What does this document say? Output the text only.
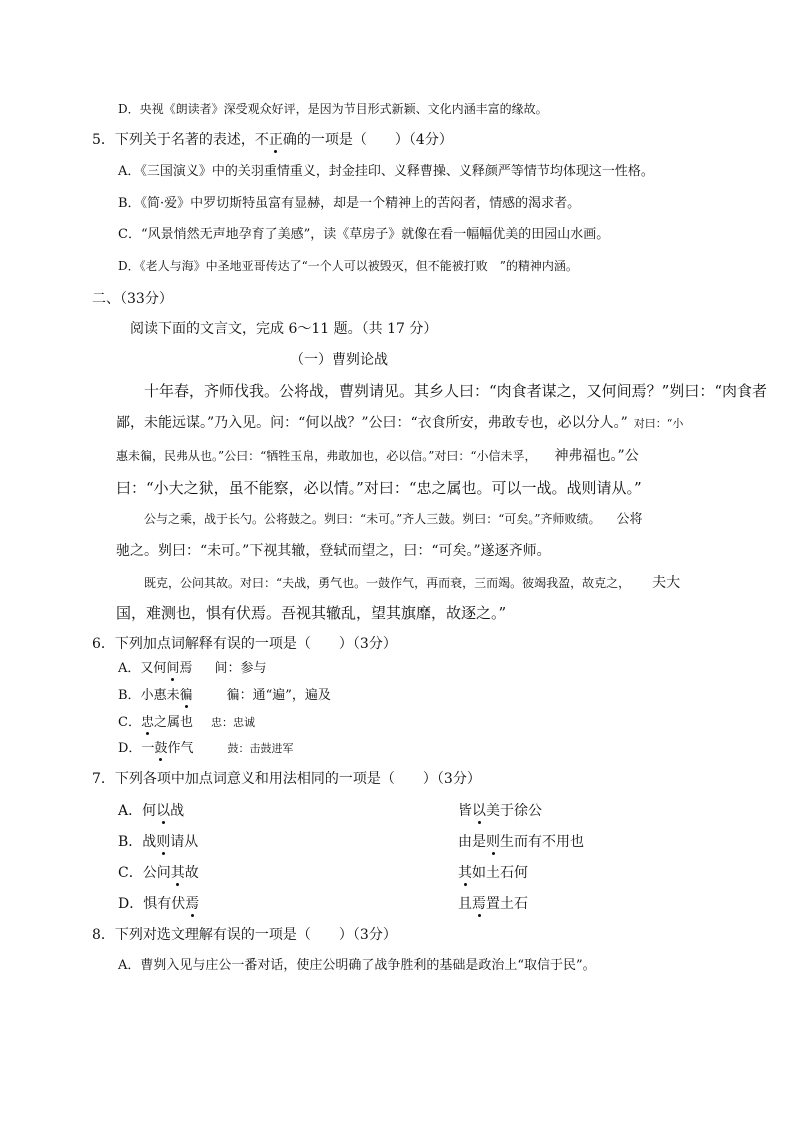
D．央视《朗读者》深受观众好评，是因为节目形式新颖、文化内涵丰富的缘故。
5．下列关于名著的表述，不正确的一项是（　　）（4分）
A．《三国演义》中的关羽重情重义，封金挂印、义释曹操、义释颜严等情节均体现这一性格。
B．《简·爱》中罗切斯特虽富有显赫，却是一个精神上的苦闷者，情感的渴求者。
C．“风景悄然无声地孕育了美感”，读《草房子》就像在看一幅幅优美的田园山水画。
D．《老人与海》中圣地亚哥传达了“一个人可以被毁灭，但不能被打败　”的精神内涵。
二、（33分）
阅读下面的文言文，完成 6～11 题。（共 17 分）
（一）曹刿论战
十年春，齐师伐我。公将战，曹刿请见。其乡人曰：“肉食者谋之，又何间焉？”刿曰：“肉食者
鄙，未能远谋。”乃入见。问：“何以战？”公曰：“衣食所安，弗敢专也，必以分人。” 对曰：“小
惠未徧，民弗从也。”公曰：“牺牲玉帛，弗敢加也，必以信。”对曰：“小信未孚， 神弗福也。”公
曰：“小大之狱，虽不能察，必以情。”对曰：“忠之属也。可以一战。战则请从。”
公与之乘，战于长勺。公将鼓之。刿曰：“未可。”齐人三鼓。刿曰：“可矣。”齐师败绩。 公将
驰之。刿曰：“未可。”下视其辙，登轼而望之，曰：“可矣。”遂逐齐师。
既克，公问其故。对曰：“夫战，勇气也。一鼓作气，再而衰，三而竭。彼竭我盈，故克之， 夫大
国，难测也，惧有伏焉。吾视其辙乱，望其旗靡，故逐之。”
6．下列加点词解释有误的一项是（　　）（3分）
A．又何间焉 间：参与
B．小惠未徧	徧：通“遍”，遍及
C．忠之属也 忠：忠诚
D．一鼓作气	鼓：击鼓进军
7．下列各项中加点词意义和用法相同的一项是（　　）（3分）
A．何以战	皆以美于徐公
B．战则请从	由是则生而有不用也
C．公问其故	其如土石何
D．惧有伏焉	且焉置土石
8．下列对选文理解有误的一项是（　　）（3分）
A．曹刿入见与庄公一番对话，使庄公明确了战争胜利的基础是政治上“取信于民”。
